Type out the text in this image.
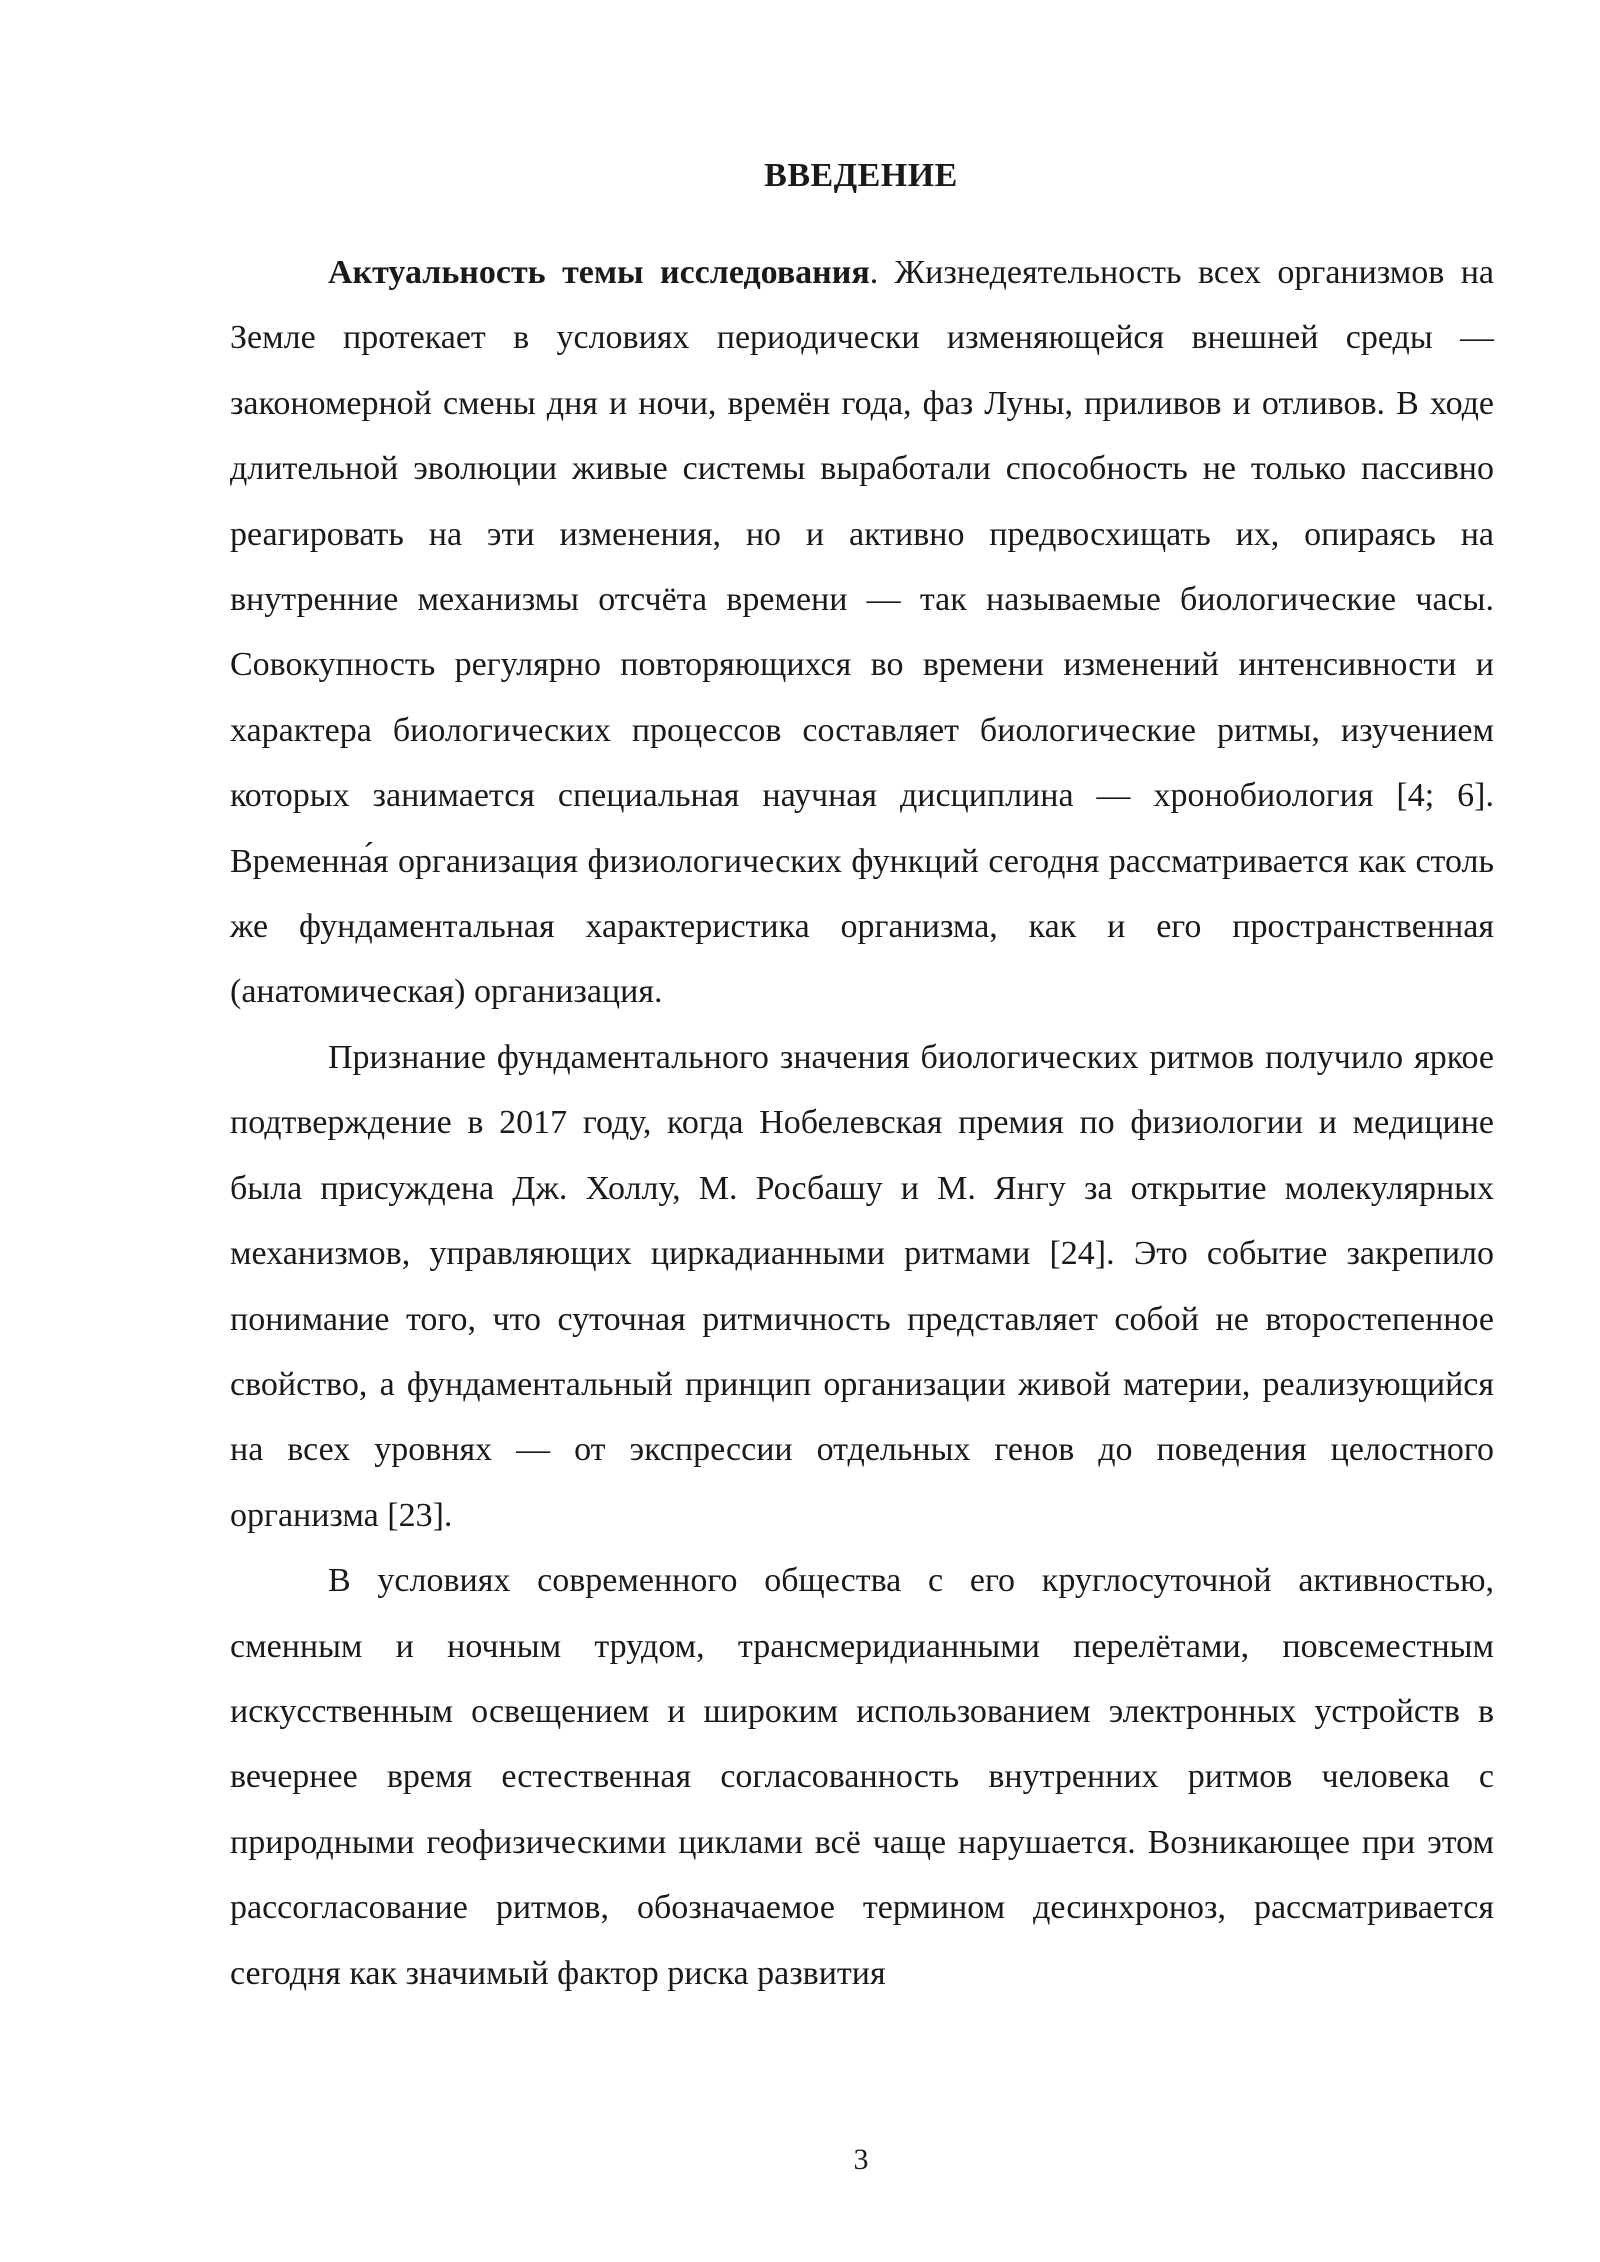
ВВЕДЕНИЕ

Актуальность темы исследования. Жизнедеятельность всех организмов на Земле протекает в условиях периодически изменяющейся внешней среды — закономерной смены дня и ночи, времён года, фаз Луны, приливов и отливов. В ходе длительной эволюции живые системы выработали способность не только пассивно реагировать на эти изменения, но и активно предвосхищать их, опираясь на внутренние механизмы отсчёта времени — так называемые биологические часы. Совокупность регулярно повторяющихся во времени изменений интенсивности и характера биологических процессов составляет биологические ритмы, изучением которых занимается специальная научная дисциплина — хронобиология [4; 6]. Временна́я организация физиологических функций сегодня рассматривается как столь же фундаментальная характеристика организма, как и его пространственная (анатомическая) организация.

Признание фундаментального значения биологических ритмов получило яркое подтверждение в 2017 году, когда Нобелевская премия по физиологии и медицине была присуждена Дж. Холлу, М. Росбашу и М. Янгу за открытие молекулярных механизмов, управляющих циркадианными ритмами [24]. Это событие закрепило понимание того, что суточная ритмичность представляет собой не второстепенное свойство, а фундаментальный принцип организации живой материи, реализующийся на всех уровнях — от экспрессии отдельных генов до поведения целостного организма [23].

В условиях современного общества с его круглосуточной активностью, сменным и ночным трудом, трансмеридианными перелётами, повсеместным искусственным освещением и широким использованием электронных устройств в вечернее время естественная согласованность внутренних ритмов человека с природными геофизическими циклами всё чаще нарушается. Возникающее при этом рассогласование ритмов, обозначаемое термином десинхроноз, рассматривается сегодня как значимый фактор риска развития

3
